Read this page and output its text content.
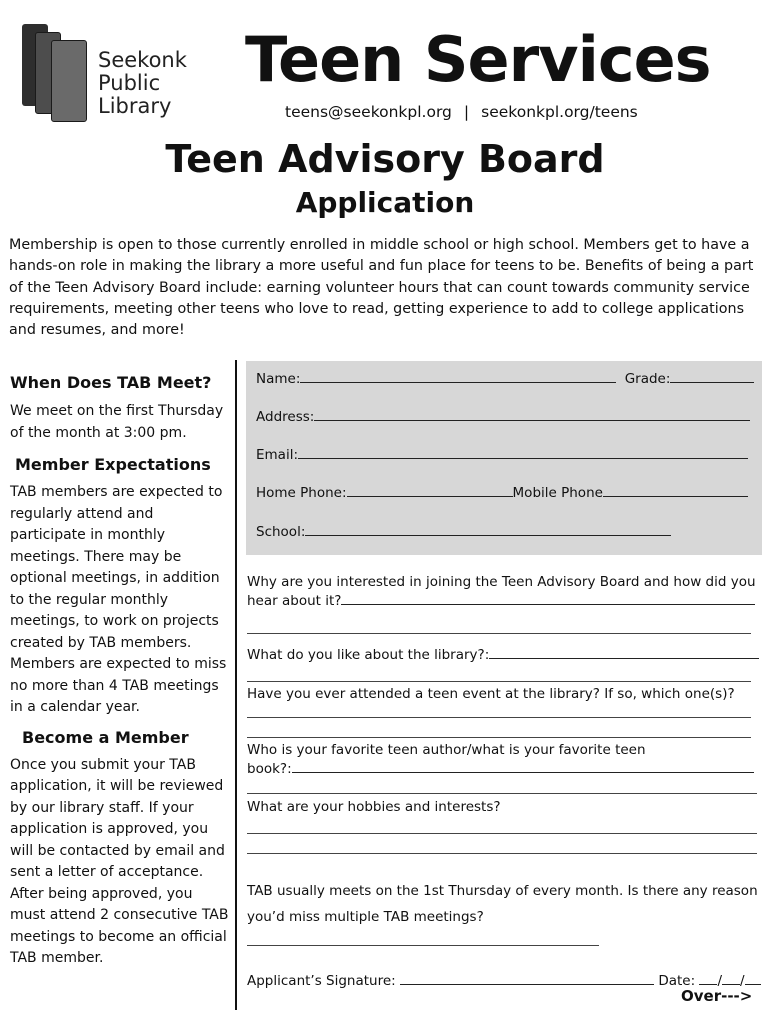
Seekonk
Public
Library
Teen Services
teens@seekonkpl.org | seekonkpl.org/teens
Teen Advisory Board
Application

Membership is open to those currently enrolled in middle school or high school. Members get to have a hands-on role in making the library a more useful and fun place for teens to be. Benefits of being a part of the Teen Advisory Board include: earning volunteer hours that can count towards community service requirements, meeting other teens who love to read, getting experience to add to college applications and resumes, and more!

When Does TAB Meet?

We meet on the first Thursday of the month at 3:00 pm.

Member Expectations

TAB members are expected to regularly attend and participate in monthly meetings. There may be optional meetings, in addition to the regular monthly meetings, to work on projects created by TAB members. Members are expected to miss no more than 4 TAB meetings in a calendar year.

Become a Member

Once you submit your TAB application, it will be reviewed by our library staff. If your application is approved, you will be contacted by email and sent a letter of acceptance. After being approved, you must attend 2 consecutive TAB meetings to become an official TAB member.

Name:	Grade:
Address:
Email:
Home Phone:	Mobile Phone
School:
Why are you interested in joining the Teen Advisory Board and how did you
hear about it?
What do you like about the library?:
Have you ever attended a teen event at the library? If so, which one(s)?
Who is your favorite teen author/what is your favorite teen
book?:
What are your hobbies and interests?
TAB usually meets on the 1st Thursday of every month. Is there any reason
you’d miss multiple TAB meetings?
Applicant’s Signature:	Date: / /
Over--->
